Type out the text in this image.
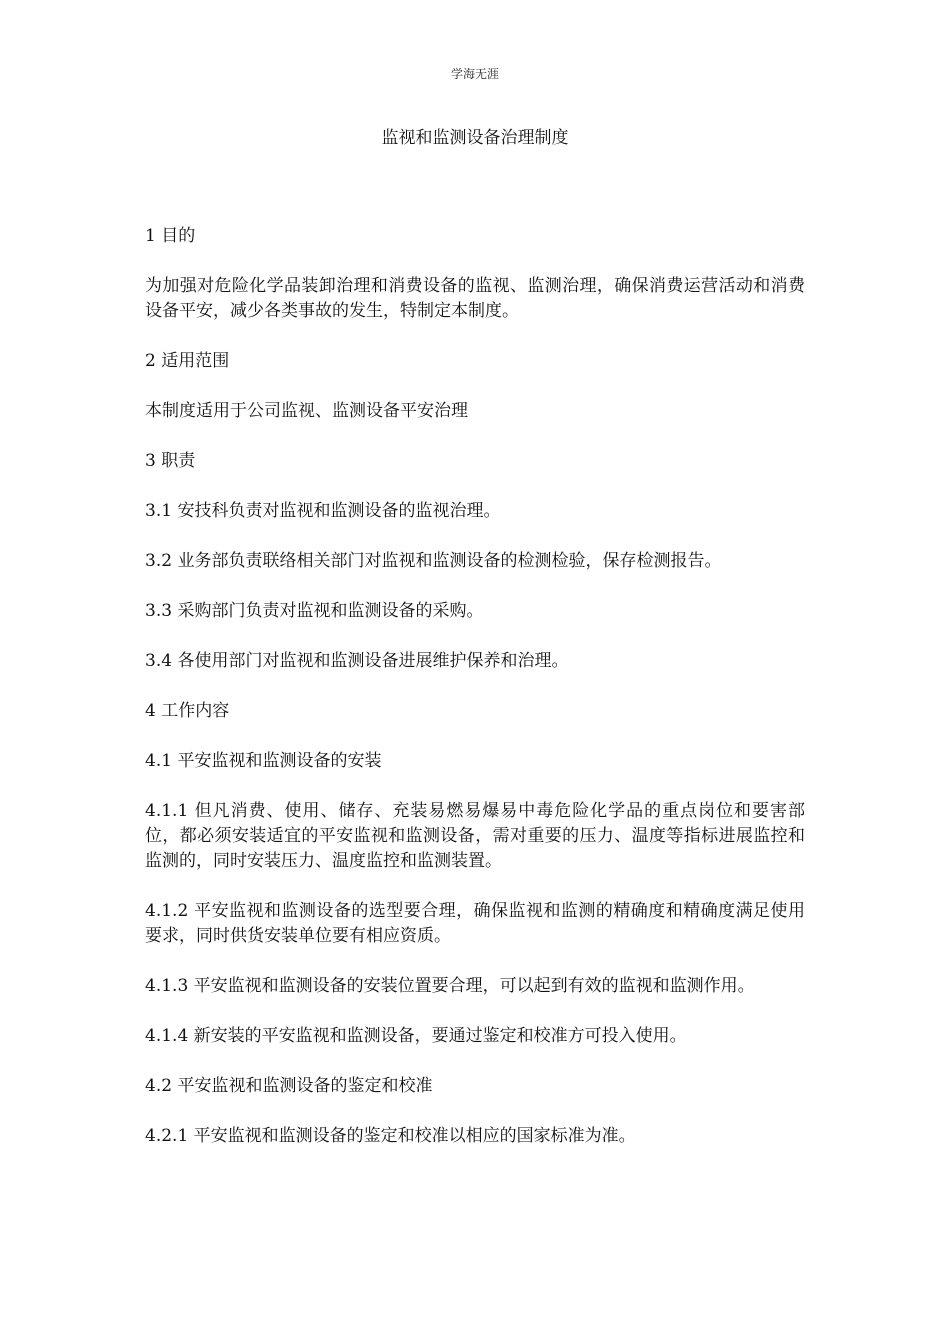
学海无涯
监视和监测设备治理制度

1 目的

为加强对危险化学品装卸治理和消费设备的监视、监测治理，确保消费运营活动和消费设备平安，减少各类事故的发生，特制定本制度。

2 适用范围

本制度适用于公司监视、监测设备平安治理

3 职责

3.1 安技科负责对监视和监测设备的监视治理。

3.2 业务部负责联络相关部门对监视和监测设备的检测检验，保存检测报告。

3.3 采购部门负责对监视和监测设备的采购。

3.4 各使用部门对监视和监测设备进展维护保养和治理。

4 工作内容

4.1 平安监视和监测设备的安装

4.1.1 但凡消费、使用、储存、充装易燃易爆易中毒危险化学品的重点岗位和要害部位，都必须安装适宜的平安监视和监测设备，需对重要的压力、温度等指标进展监控和监测的，同时安装压力、温度监控和监测装置。

4.1.2 平安监视和监测设备的选型要合理，确保监视和监测的精确度和精确度满足使用要求，同时供货安装单位要有相应资质。

4.1.3 平安监视和监测设备的安装位置要合理，可以起到有效的监视和监测作用。

4.1.4 新安装的平安监视和监测设备，要通过鉴定和校准方可投入使用。

4.2 平安监视和监测设备的鉴定和校准

4.2.1 平安监视和监测设备的鉴定和校准以相应的国家标准为准。
